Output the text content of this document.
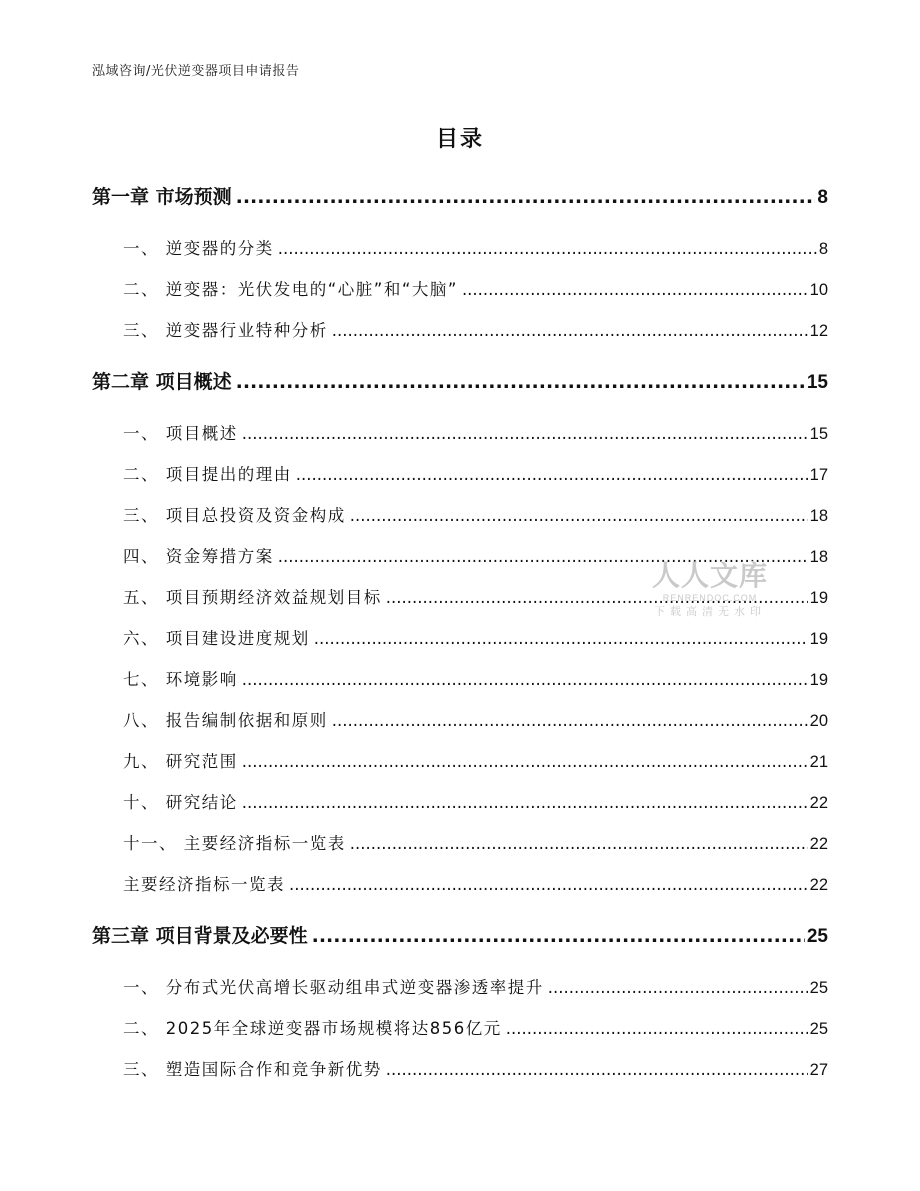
泓域咨询/光伏逆变器项目申请报告
目录
第一章 市场预测 .....	8
一、 逆变器的分类 .....	8
二、 逆变器：光伏发电的“心脏”和“大脑” .....	10
三、 逆变器行业特种分析 .....	12
第二章 项目概述 .....	15
一、 项目概述 .....	15
二、 项目提出的理由 .....	17
三、 项目总投资及资金构成 .....	18
四、 资金筹措方案 .....	18
五、 项目预期经济效益规划目标 .....	19
六、 项目建设进度规划 .....	19
七、 环境影响 .....	19
八、 报告编制依据和原则 .....	20
九、 研究范围 .....	21
十、 研究结论 .....	22
十一、 主要经济指标一览表 .....	22
主要经济指标一览表 .....	22
第三章 项目背景及必要性 .....	25
一、 分布式光伏高增长驱动组串式逆变器渗透率提升 .....	25
二、 2025年全球逆变器市场规模将达856亿元 .....	25
三、 塑造国际合作和竞争新优势 .....	27
人人文库
RENRENDOC.COM
下载高清无水印
